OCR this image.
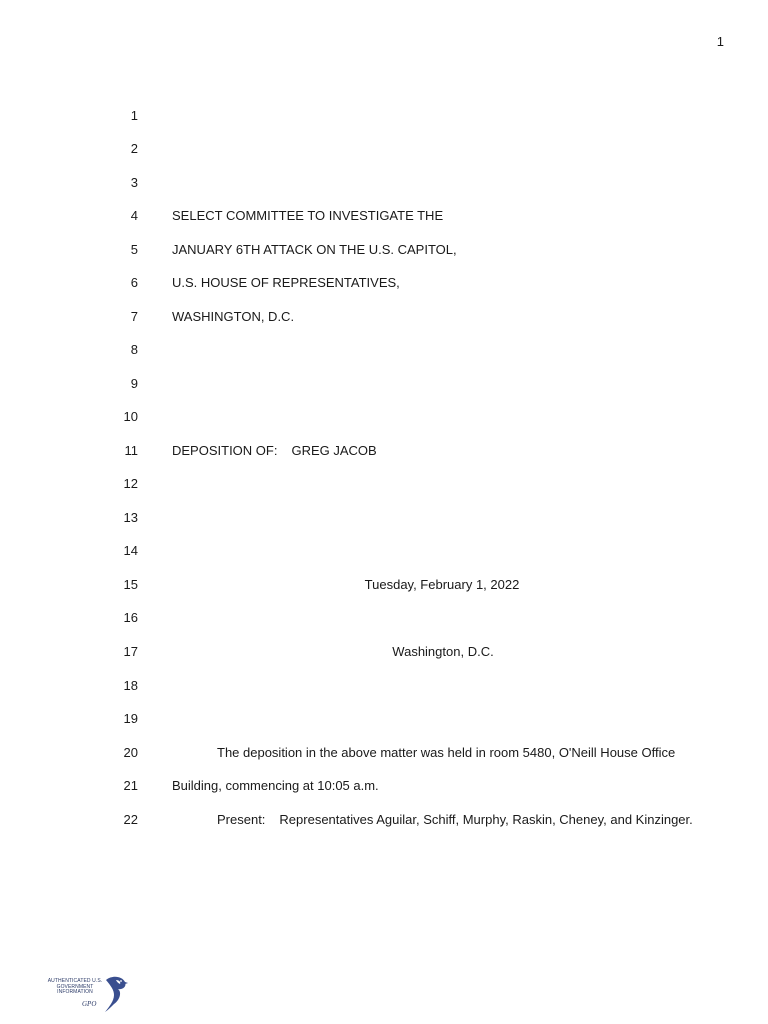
1
1
2
3
4	SELECT COMMITTEE TO INVESTIGATE THE
5	JANUARY 6TH ATTACK ON THE U.S. CAPITOL,
6	U.S. HOUSE OF REPRESENTATIVES,
7	WASHINGTON, D.C.
8
9
10
11	DEPOSITION OF: GREG JACOB
12
13
14
15	Tuesday, February 1, 2022
16
17	Washington, D.C.
18
19
20	The deposition in the above matter was held in room 5480, O'Neill House Office
21	Building, commencing at 10:05 a.m.
22	Present: Representatives Aguilar, Schiff, Murphy, Raskin, Cheney, and Kinzinger.
AUTHENTICATED U.S. GOVERNMENT INFORMATION
GPO
